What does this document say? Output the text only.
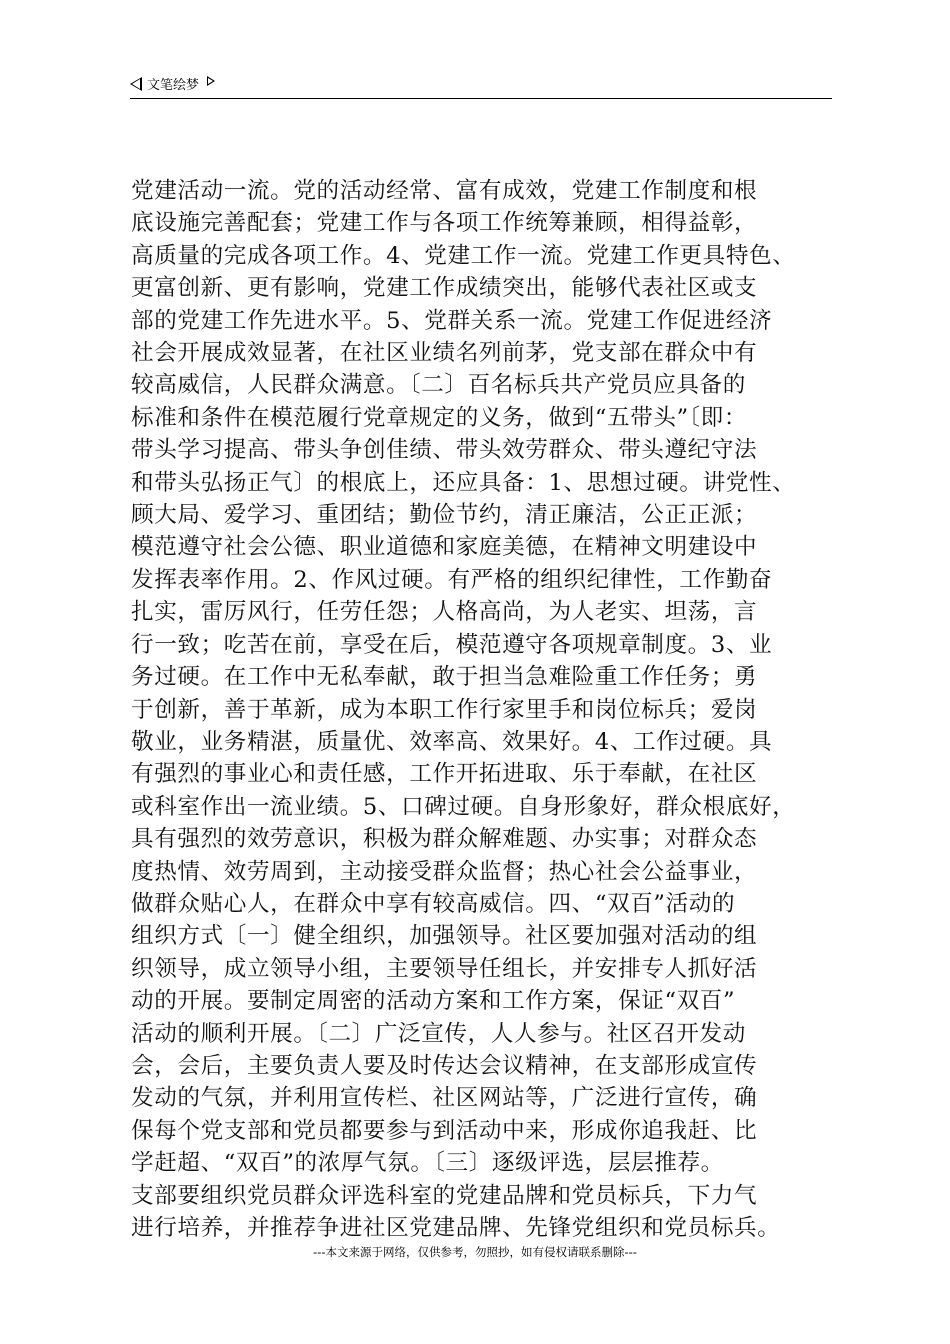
文笔绘梦
党建活动一流。党的活动经常、富有成效，党建工作制度和根
底设施完善配套；党建工作与各项工作统筹兼顾，相得益彰，
高质量的完成各项工作。4、党建工作一流。党建工作更具特色、
更富创新、更有影响，党建工作成绩突出，能够代表社区或支
部的党建工作先进水平。5、党群关系一流。党建工作促进经济
社会开展成效显著，在社区业绩名列前茅，党支部在群众中有
较高威信，人民群众满意。〔二〕百名标兵共产党员应具备的
标准和条件在模范履行党章规定的义务，做到“五带头”〔即：
带头学习提高、带头争创佳绩、带头效劳群众、带头遵纪守法
和带头弘扬正气〕的根底上，还应具备：1、思想过硬。讲党性、
顾大局、爱学习、重团结；勤俭节约，清正廉洁，公正正派；
模范遵守社会公德、职业道德和家庭美德，在精神文明建设中
发挥表率作用。2、作风过硬。有严格的组织纪律性，工作勤奋
扎实，雷厉风行，任劳任怨；人格高尚，为人老实、坦荡，言
行一致；吃苦在前，享受在后，模范遵守各项规章制度。3、业
务过硬。在工作中无私奉献，敢于担当急难险重工作任务；勇
于创新，善于革新，成为本职工作行家里手和岗位标兵；爱岗
敬业，业务精湛，质量优、效率高、效果好。4、工作过硬。具
有强烈的事业心和责任感，工作开拓进取、乐于奉献，在社区
或科室作出一流业绩。5、口碑过硬。自身形象好，群众根底好，
具有强烈的效劳意识，积极为群众解难题、办实事；对群众态
度热情、效劳周到，主动接受群众监督；热心社会公益事业，
做群众贴心人，在群众中享有较高威信。四、“双百”活动的
组织方式〔一〕健全组织，加强领导。社区要加强对活动的组
织领导，成立领导小组，主要领导任组长，并安排专人抓好活
动的开展。要制定周密的活动方案和工作方案，保证“双百”
活动的顺利开展。〔二〕广泛宣传，人人参与。社区召开发动
会，会后，主要负责人要及时传达会议精神，在支部形成宣传
发动的气氛，并利用宣传栏、社区网站等，广泛进行宣传，确
保每个党支部和党员都要参与到活动中来，形成你追我赶、比
学赶超、“双百”的浓厚气氛。〔三〕逐级评选，层层推荐。
支部要组织党员群众评选科室的党建品牌和党员标兵，下力气
进行培养，并推荐争进社区党建品牌、先锋党组织和党员标兵。
---本文来源于网络，仅供参考，勿照抄，如有侵权请联系删除---
